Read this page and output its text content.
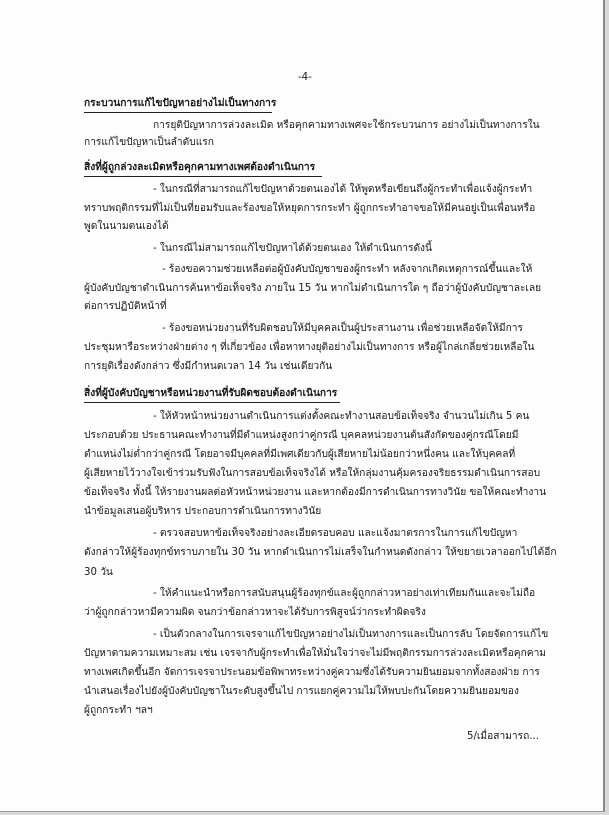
-4-
กระบวนการแก้ไขปัญหาอย่างไม่เป็นทางการ
การยุติปัญหาการล่วงละเมิด หรือคุกคามทางเพศจะใช้กระบวนการ อย่างไม่เป็นทางการใน
การแก้ไขปัญหาเป็นลำดับแรก
สิ่งที่ผู้ถูกล่วงละเมิดหรือคุกคามทางเพศต้องดำเนินการ
- ในกรณีที่สามารถแก้ไขปัญหาด้วยตนเองได้ ให้พูดหรือเขียนถึงผู้กระทำเพื่อแจ้งผู้กระทำ
ทราบพฤติกรรมที่ไม่เป็นที่ยอมรับและร้องขอให้หยุดการกระทำ ผู้ถูกกระทำอาจขอให้มีคนอยู่เป็นเพื่อนหรือ
พูดในนามตนเองได้
- ในกรณีไม่สามารถแก้ไขปัญหาได้ด้วยตนเอง ให้ดำเนินการดังนี้
- ร้องขอความช่วยเหลือต่อผู้บังคับบัญชาของผู้กระทำ หลังจากเกิดเหตุการณ์ขึ้นและให้
ผู้บังคับบัญชาดำเนินการค้นหาข้อเท็จจริง ภายใน 15 วัน หากไม่ดำเนินการใด ๆ ถือว่าผู้บังคับบัญชาละเลย
ต่อการปฏิบัติหน้าที่
- ร้องขอหน่วยงานที่รับผิดชอบให้มีบุคคลเป็นผู้ประสานงาน เพื่อช่วยเหลือจัดให้มีการ
ประชุมหารือระหว่างฝ่ายต่าง ๆ ที่เกี่ยวข้อง เพื่อหาทางยุติอย่างไม่เป็นทางการ หรือผู้ไกล่เกลี่ยช่วยเหลือใน
การยุติเรื่องดังกล่าว ซึ่งมีกำหนดเวลา 14 วัน เช่นเดียวกัน
สิ่งที่ผู้บังคับบัญชาหรือหน่วยงานที่รับผิดชอบต้องดำเนินการ
- ให้หัวหน้าหน่วยงานดำเนินการแต่งตั้งคณะทำงานสอบข้อเท็จจริง จำนวนไม่เกิน 5 คน
ประกอบด้วย ประธานคณะทำงานที่มีตำแหน่งสูงกว่าคู่กรณี บุคคลหน่วยงานต้นสังกัดของคู่กรณีโดยมี
ตำแหน่งไม่ต่ำกว่าคู่กรณี โดยอาจมีบุคคลที่มีเพศเดียวกับผู้เสียหายไม่น้อยกว่าหนึ่งคน และให้บุคคลที่
ผู้เสียหายไว้วางใจเข้าร่วมรับฟังในการสอบข้อเท็จจริงได้ หรือให้กลุ่มงานคุ้มครองจริยธรรมดำเนินการสอบ
ข้อเท็จจริง ทั้งนี้ ให้รายงานผลต่อหัวหน้าหน่วยงาน และหากต้องมีการดำเนินการทางวินัย ขอให้คณะทำงาน
นำข้อมูลเสนอผู้บริหาร ประกอบการดำเนินการทางวินัย
- ตรวจสอบหาข้อเท็จจริงอย่างละเอียดรอบคอบ และแจ้งมาตรการในการแก้ไขปัญหา
ดังกล่าวให้ผู้ร้องทุกข์ทราบภายใน 30 วัน หากดำเนินการไม่เสร็จในกำหนดดังกล่าว ให้ขยายเวลาออกไปได้อีก
30 วัน
- ให้คำแนะนำหรือการสนับสนุนผู้ร้องทุกข์และผู้ถูกกล่าวหาอย่างเท่าเทียมกันและจะไม่ถือ
ว่าผู้ถูกกล่าวหามีความผิด จนกว่าข้อกล่าวหาจะได้รับการพิสูจน์ว่ากระทำผิดจริง
- เป็นตัวกลางในการเจรจาแก้ไขปัญหาอย่างไม่เป็นทางการและเป็นการลับ โดยจัดการแก้ไข
ปัญหาตามความเหมาะสม เช่น เจรจากับผู้กระทำเพื่อให้มั่นใจว่าจะไม่มีพฤติกรรมการล่วงละเมิดหรือคุกคาม
ทางเพศเกิดขึ้นอีก จัดการเจรจาประนอมข้อพิพาทระหว่างคู่ความซึ่งได้รับความยินยอมจากทั้งสองฝ่าย การ
นำเสนอเรื่องไปยังผู้บังคับบัญชาในระดับสูงขึ้นไป การแยกคู่ความไม่ให้พบปะกันโดยความยินยอมของ
ผู้ถูกกระทำ ฯลฯ
5/เมื่อสามารถ...
